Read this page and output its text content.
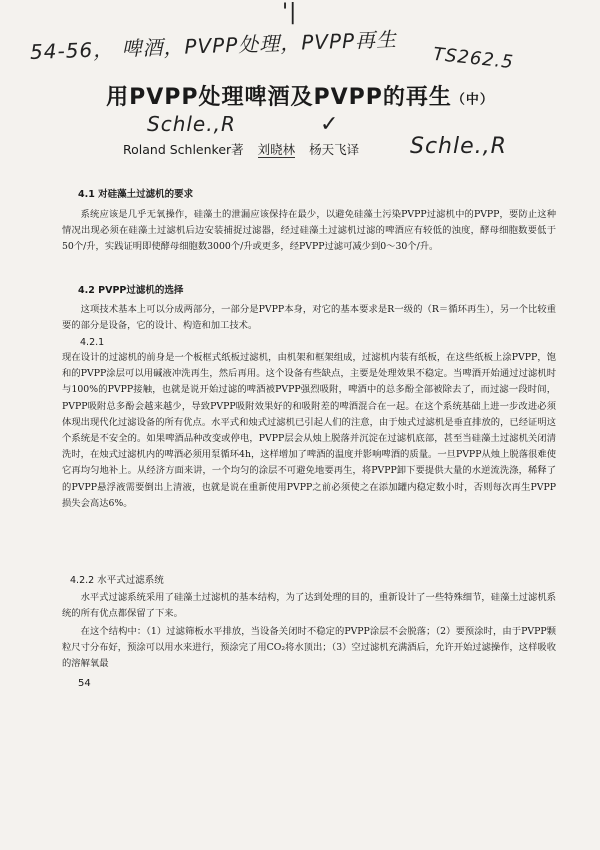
54-56， 啤酒，PVPP处理，PVPP再生
'|
TS262.5
Schle.,R	✓
Schle.,R
用PVPP处理啤酒及PVPP的再生（中）
Roland Schlenker著 刘晓林 杨天飞译
4.1 对硅藻土过滤机的要求
系统应该是几乎无氧操作，硅藻土的泄漏应该保持在最少，以避免硅藻土污染PVPP过滤机中的PVPP，要防止这种情况出现必须在硅藻土过滤机后边安装捕捉过滤器，经过硅藻土过滤机过滤的啤酒应有较低的浊度，酵母细胞数要低于50个/升，实践证明即使酵母细胞数3000个/升或更多，经PVPP过滤可减少到0～30个/升。
4.2 PVPP过滤机的选择
这项技术基本上可以分成两部分，一部分是PVPP本身，对它的基本要求是R一级的（R＝循环再生），另一个比较重要的部分是设备，它的设计、构造和加工技术。
4.2.1
现在设计的过滤机的前身是一个板框式纸板过滤机，由机架和框架组成，过滤机内装有纸板，在这些纸板上涂PVPP，饱和的PVPP涂层可以用碱液冲洗再生，然后再用。这个设备有些缺点，主要是处理效果不稳定。当啤酒开始通过过滤机时与100%的PVPP接触，也就是说开始过滤的啤酒被PVPP强烈吸附，啤酒中的总多酚全部被除去了，而过滤一段时间，PVPP吸附总多酚会越来越少，导致PVPP吸附效果好的和吸附差的啤酒混合在一起。在这个系统基础上进一步改进必须体现出现代化过滤设备的所有优点。水平式和烛式过滤机已引起人们的注意，由于烛式过滤机是垂直排放的，已经证明这个系统是不安全的。如果啤酒品种改变或停电，PVPP层会从烛上脱落并沉淀在过滤机底部，甚至当硅藻土过滤机关闭清洗时，在烛式过滤机内的啤酒必须用泵循环4h，这样增加了啤酒的温度并影响啤酒的质量。一旦PVPP从烛上脱落很难使它再均匀地补上。从经济方面来讲，一个均匀的涂层不可避免地要再生，将PVPP卸下要提供大量的水逆流洗涤，稀释了的PVPP悬浮液需要倒出上清液，也就是说在重新使用PVPP之前必须使之在添加罐内稳定数小时，否则每次再生PVPP损失会高达6%。
4.2.2 水平式过滤系统
水平式过滤系统采用了硅藻土过滤机的基本结构，为了达到处理的目的，重新设计了一些特殊细节，硅藻土过滤机系统的所有优点都保留了下来。
在这个结构中：（1）过滤筛板水平排放，当设备关闭时不稳定的PVPP涂层不会脱落；（2）要预涂时，由于PVPP颗粒尺寸分布好，预涂可以用水来进行，预涂完了用CO₂将水顶出；（3）空过滤机充满酒后，允许开始过滤操作，这样吸收的溶解氧最
54
